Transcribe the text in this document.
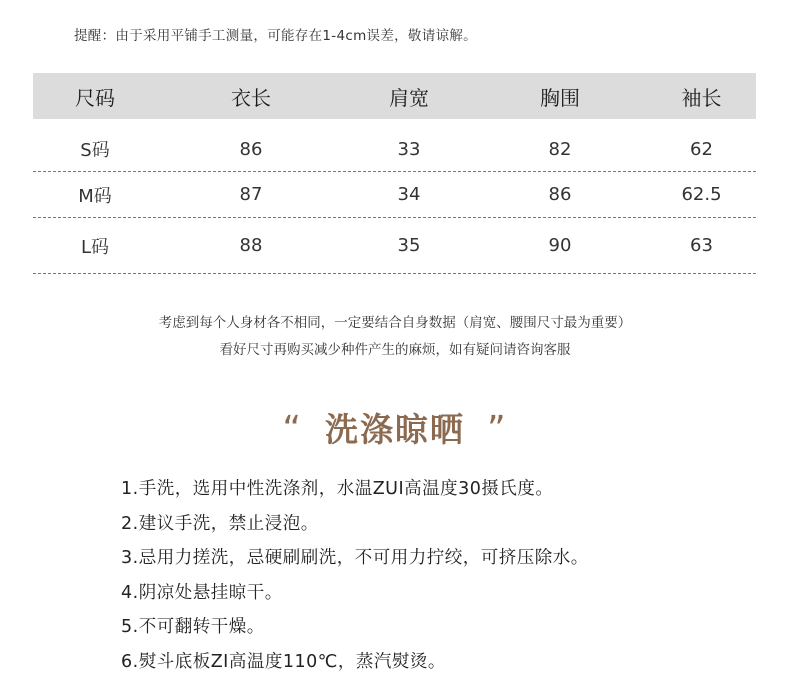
提醒：由于采用平铺手工测量，可能存在1-4cm误差，敬请谅解。
尺码	衣长	肩宽	胸围	袖长
S码	86	33	82	62
M码	87	34	86	62.5
L码	88	35	90	63
考虑到每个人身材各不相同，一定要结合自身数据（肩宽、腰围尺寸最为重要）
看好尺寸再购买减少种件产生的麻烦，如有疑问请咨询客服
“ 洗涤晾晒 ”
1.手洗，选用中性洗涤剂，水温ZUI高温度30摄氏度。
2.建议手洗，禁止浸泡。
3.忌用力搓洗，忌硬刷刷洗，不可用力拧绞，可挤压除水。
4.阴凉处悬挂晾干。
5.不可翻转干燥。
6.熨斗底板ZI高温度110℃，蒸汽熨烫。
